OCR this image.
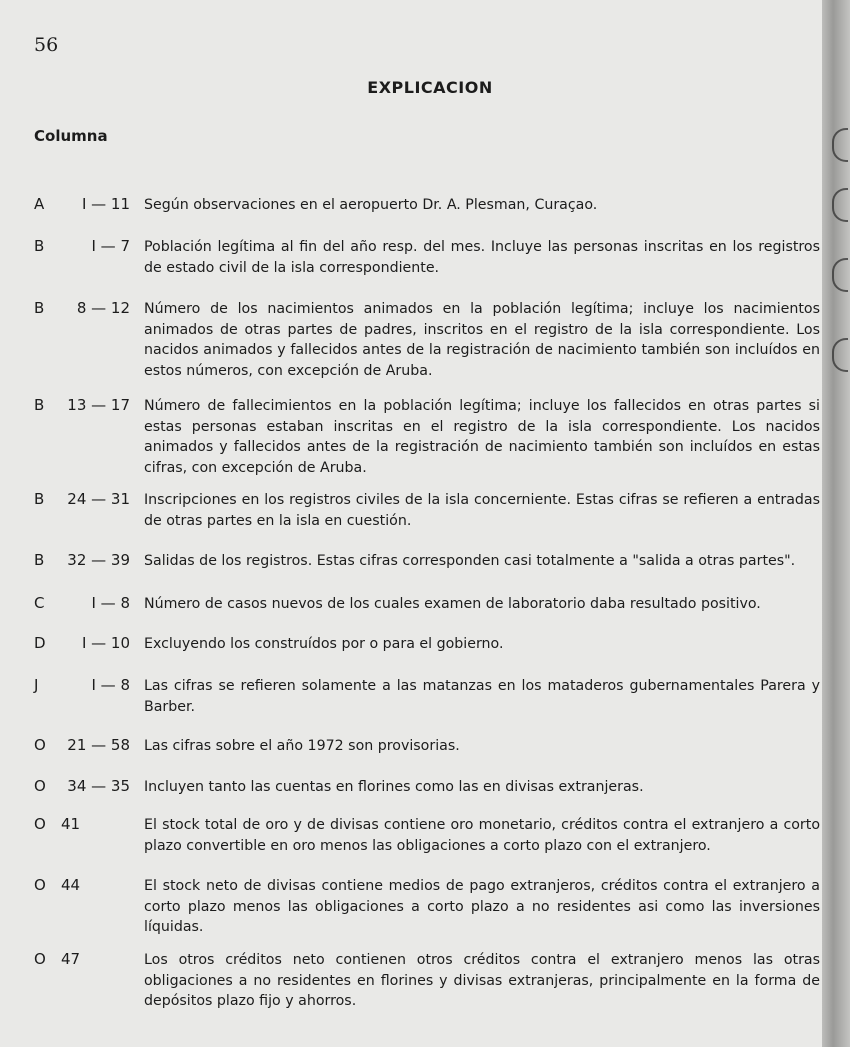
56
EXPLICACION
Columna
A	I — 11 Según observaciones en el aeropuerto Dr. A. Plesman, Curaçao.
B	I — 7 Población legítima al fin del año resp. del mes. Incluye las personas inscritas en los registros de estado civil de la isla correspondiente.
B	8 — 12 Número de los nacimientos animados en la población legítima; incluye los nacimientos animados de otras partes de padres, inscritos en el registro de la isla correspondiente. Los nacidos animados y fallecidos antes de la registración de nacimiento también son incluídos en estos números, con excepción de Aruba.
B	13 — 17 Número de fallecimientos en la población legítima; incluye los fallecidos en otras partes si estas personas estaban inscritas en el registro de la isla correspondiente. Los nacidos animados y fallecidos antes de la registración de nacimiento también son incluídos en estas cifras, con excepción de Aruba.
B	24 — 31 Inscripciones en los registros civiles de la isla concerniente. Estas cifras se refieren a entradas de otras partes en la isla en cuestión.
B	32 — 39 Salidas de los registros. Estas cifras corresponden casi totalmente a "salida a otras partes".
C	I — 8 Número de casos nuevos de los cuales examen de laboratorio daba resultado positivo.
D	I — 10 Excluyendo los construídos por o para el gobierno.
J	I — 8 Las cifras se refieren solamente a las matanzas en los mataderos gubernamentales Parera y Barber.
O	21 — 58 Las cifras sobre el año 1972 son provisorias.
O	34 — 35 Incluyen tanto las cuentas en florines como las en divisas extranjeras.
O 41	El stock total de oro y de divisas contiene oro monetario, créditos contra el extranjero a corto plazo convertible en oro menos las obligaciones a corto plazo con el extranjero.
O 44	El stock neto de divisas contiene medios de pago extranjeros, créditos contra el extranjero a corto plazo menos las obligaciones a corto plazo a no residentes asi como las inversiones líquidas.
O 47	Los otros créditos neto contienen otros créditos contra el extranjero menos las otras obligaciones a no residentes en florines y divisas extranjeras, principalmente en la forma de depósitos plazo fijo y ahorros.
